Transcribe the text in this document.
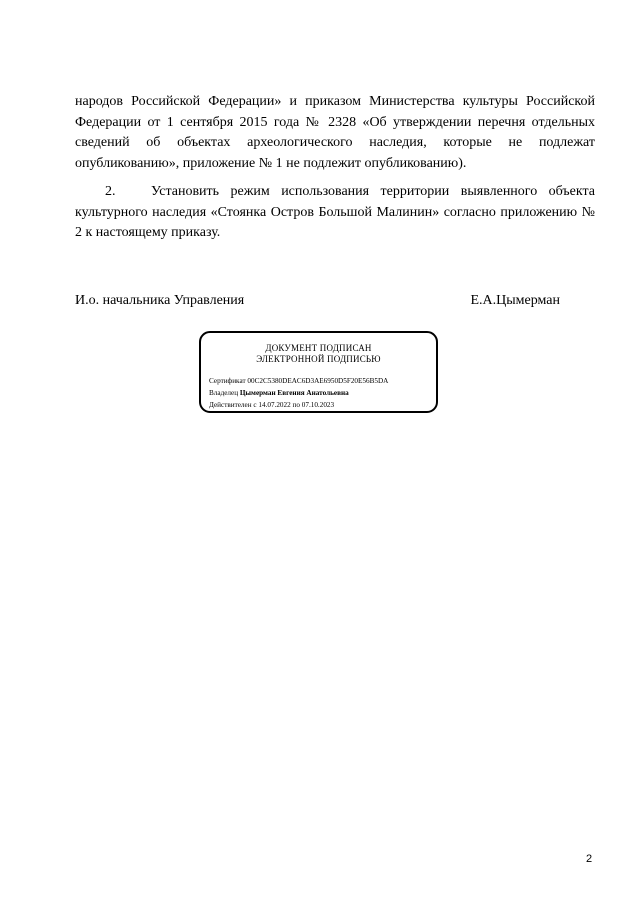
народов Российской Федерации» и приказом Министерства культуры Российской Федерации от 1 сентября 2015 года № 2328 «Об утверждении перечня отдельных сведений об объектах археологического наследия, которые не подлежат опубликованию», приложение № 1 не подлежит опубликованию).
2.	Установить режим использования территории выявленного объекта культурного наследия «Стоянка Остров Большой Малинин» согласно приложению № 2 к настоящему приказу.
И.о. начальника Управления	Е.А.Цымерман
ДОКУМЕНТ ПОДПИСАН
ЭЛЕКТРОННОЙ ПОДПИСЬЮ
Сертификат 00C2C5380DEAC6D3AE6950D5F20E56B5DA
Владелец Цымерман Евгения Анатольевна
Действителен с 14.07.2022 по 07.10.2023
2
